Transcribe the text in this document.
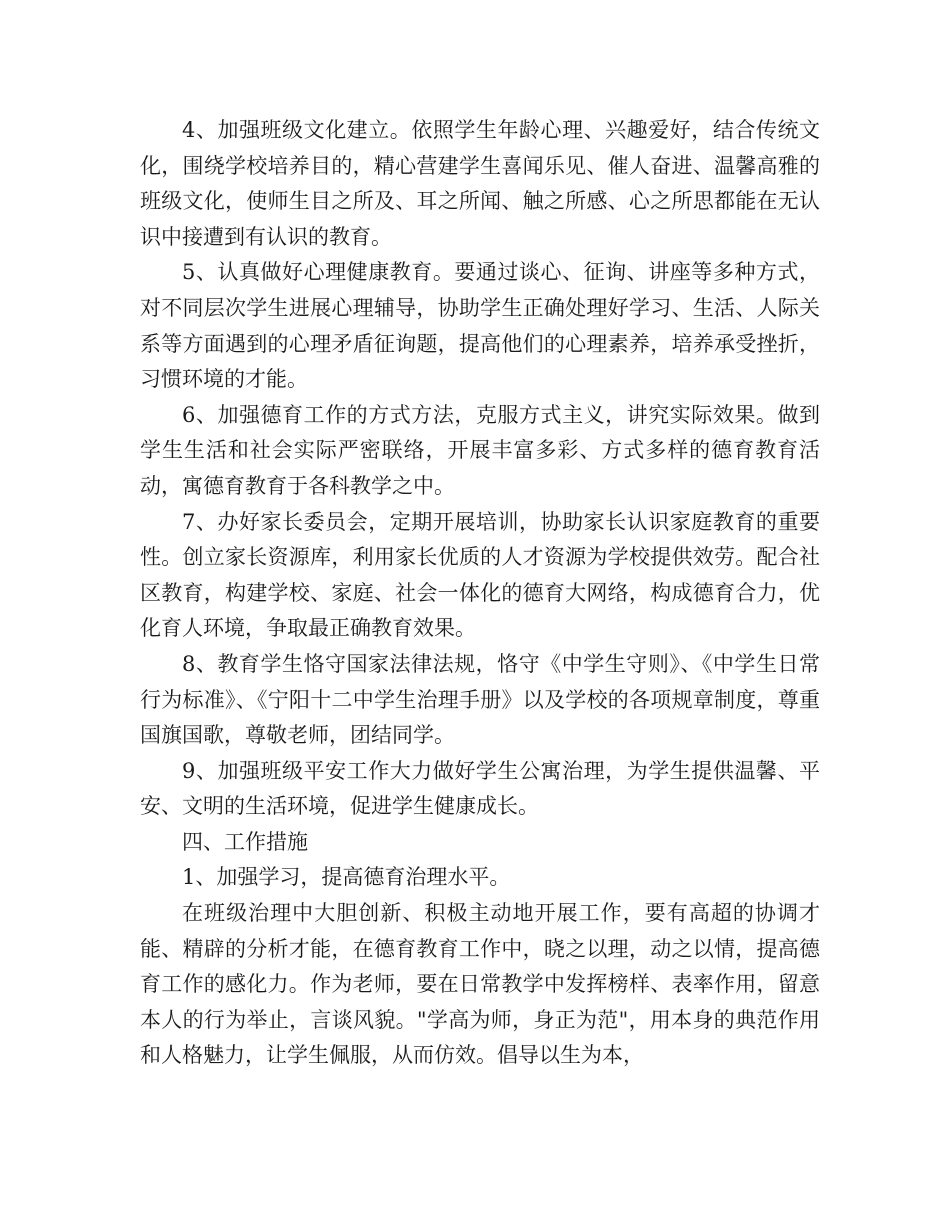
4、加强班级文化建立。依照学生年龄心理、兴趣爱好，结合传统文化，围绕学校培养目的，精心营建学生喜闻乐见、催人奋进、温馨高雅的班级文化，使师生目之所及、耳之所闻、触之所感、心之所思都能在无认识中接遭到有认识的教育。

5、认真做好心理健康教育。要通过谈心、征询、讲座等多种方式，对不同层次学生进展心理辅导，协助学生正确处理好学习、生活、人际关系等方面遇到的心理矛盾征询题，提高他们的心理素养，培养承受挫折，习惯环境的才能。

6、加强德育工作的方式方法，克服方式主义，讲究实际效果。做到学生生活和社会实际严密联络，开展丰富多彩、方式多样的德育教育活动，寓德育教育于各科教学之中。

7、办好家长委员会，定期开展培训，协助家长认识家庭教育的重要性。创立家长资源库，利用家长优质的人才资源为学校提供效劳。配合社区教育，构建学校、家庭、社会一体化的德育大网络，构成德育合力，优化育人环境，争取最正确教育效果。

8、教育学生恪守国家法律法规，恪守《中学生守则》、《中学生日常行为标准》、《宁阳十二中学生治理手册》以及学校的各项规章制度，尊重国旗国歌，尊敬老师，团结同学。

9、加强班级平安工作大力做好学生公寓治理，为学生提供温馨、平安、文明的生活环境，促进学生健康成长。

四、工作措施

1、加强学习，提高德育治理水平。

在班级治理中大胆创新、积极主动地开展工作，要有高超的协调才能、精辟的分析才能，在德育教育工作中，晓之以理，动之以情，提高德育工作的感化力。作为老师，要在日常教学中发挥榜样、表率作用，留意本人的行为举止，言谈风貌。"学高为师，身正为范"，用本身的典范作用和人格魅力，让学生佩服，从而仿效。倡导以生为本，
